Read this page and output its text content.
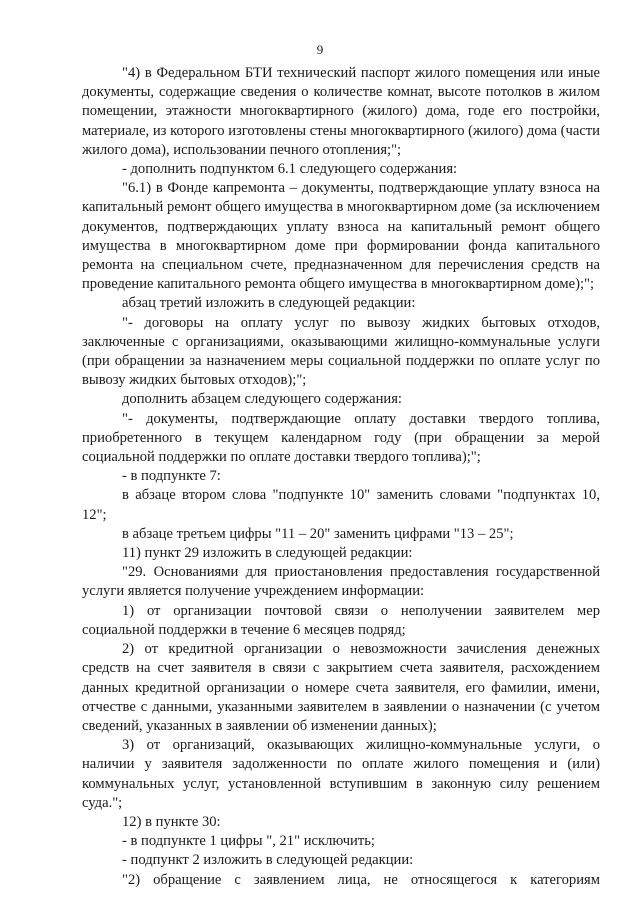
9

"4) в Федеральном БТИ технический паспорт жилого помещения или иные документы, содержащие сведения о количестве комнат, высоте потолков в жилом помещении, этажности многоквартирного (жилого) дома, годе его постройки, материале, из которого изготовлены стены многоквартирного (жилого) дома (части жилого дома), использовании печного отопления;";

- дополнить подпунктом 6.1 следующего содержания:

"6.1) в Фонде капремонта – документы, подтверждающие уплату взноса на капитальный ремонт общего имущества в многоквартирном доме (за исключением документов, подтверждающих уплату взноса на капитальный ремонт общего имущества в многоквартирном доме при формировании фонда капитального ремонта на специальном счете, предназначенном для перечисления средств на проведение капитального ремонта общего имущества в многоквартирном доме);";

абзац третий изложить в следующей редакции:

"- договоры на оплату услуг по вывозу жидких бытовых отходов, заключенные с организациями, оказывающими жилищно-коммунальные услуги (при обращении за назначением меры социальной поддержки по оплате услуг по вывозу жидких бытовых отходов);";

дополнить абзацем следующего содержания:

"- документы, подтверждающие оплату доставки твердого топлива, приобретенного в текущем календарном году (при обращении за мерой социальной поддержки по оплате доставки твердого топлива);";

- в подпункте 7:

в абзаце втором слова "подпункте 10" заменить словами "подпунктах 10, 12";

в абзаце третьем цифры "11 – 20" заменить цифрами "13 – 25";

11) пункт 29 изложить в следующей редакции:

"29. Основаниями для приостановления предоставления государственной услуги является получение учреждением информации:

1) от организации почтовой связи о неполучении заявителем мер социальной поддержки в течение 6 месяцев подряд;

2) от кредитной организации о невозможности зачисления денежных средств на счет заявителя в связи с закрытием счета заявителя, расхождением данных кредитной организации о номере счета заявителя, его фамилии, имени, отчестве с данными, указанными заявителем в заявлении о назначении (с учетом сведений, указанных в заявлении об изменении данных);

3) от организаций, оказывающих жилищно-коммунальные услуги, о наличии у заявителя задолженности по оплате жилого помещения и (или) коммунальных услуг, установленной вступившим в законную силу решением суда.";

12) в пункте 30:

- в подпункте 1 цифры ", 21" исключить;

- подпункт 2 изложить в следующей редакции:

"2) обращение с заявлением лица, не относящегося к категориям
